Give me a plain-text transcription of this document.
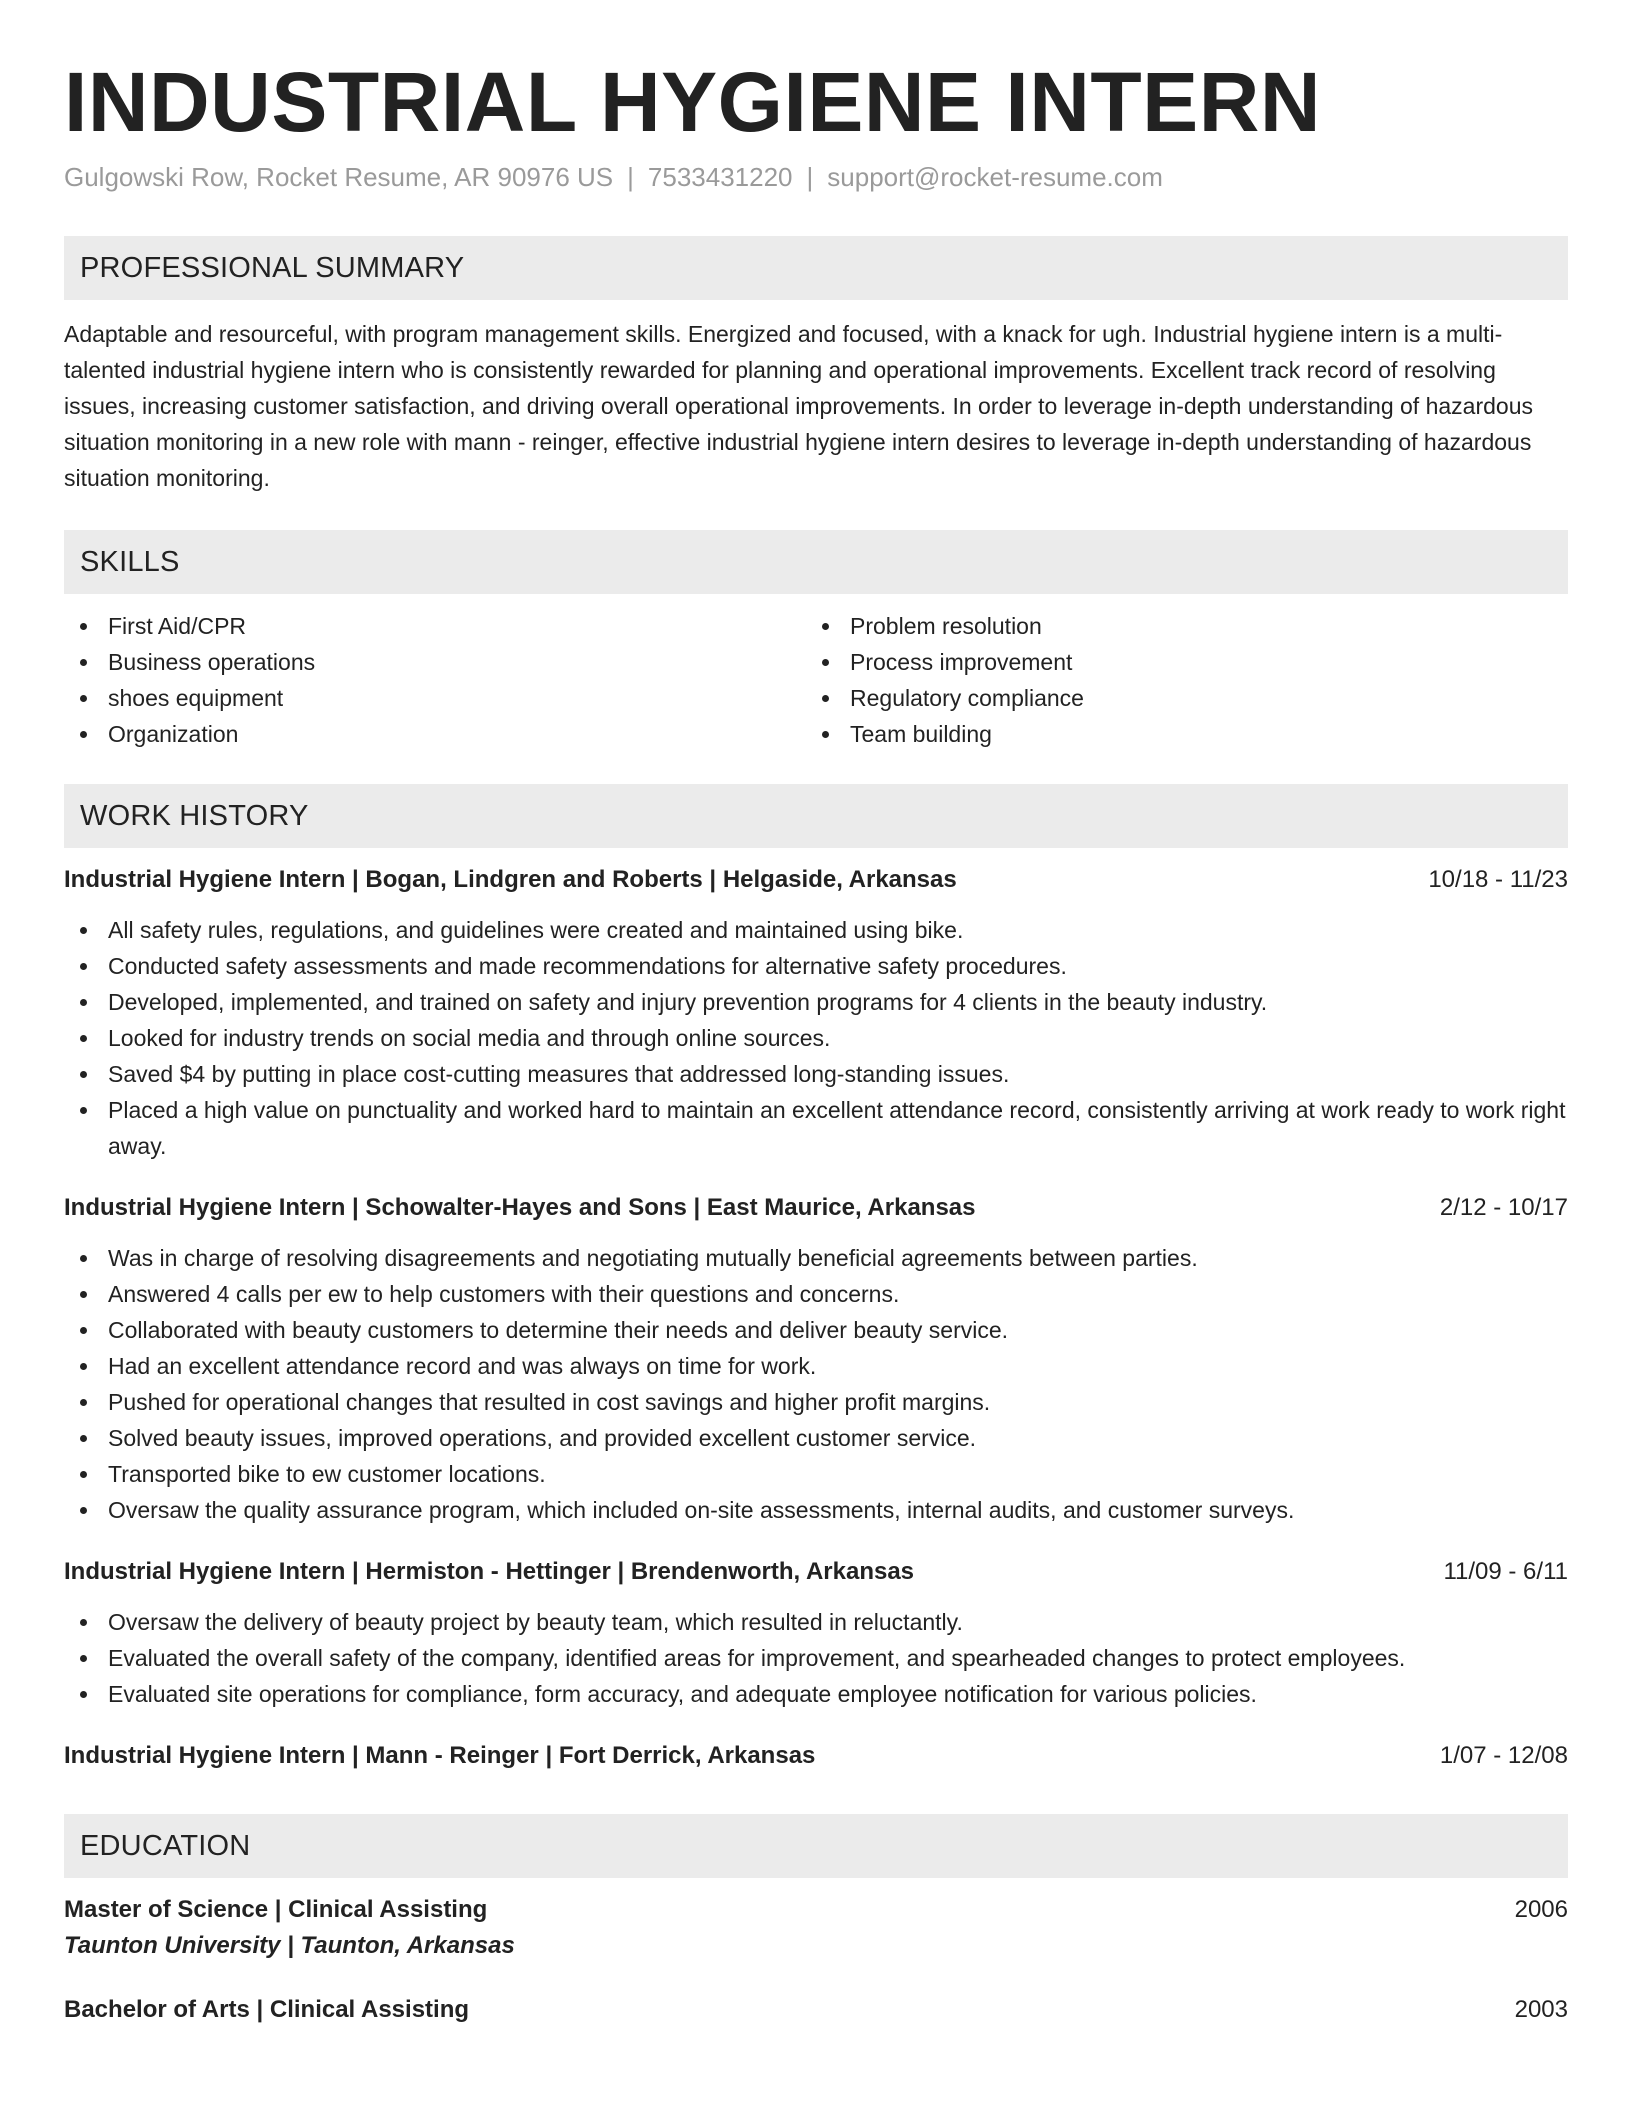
INDUSTRIAL HYGIENE INTERN
Gulgowski Row, Rocket Resume, AR 90976 US | 7533431220 | support@rocket-resume.com
PROFESSIONAL SUMMARY
Adaptable and resourceful, with program management skills. Energized and focused, with a knack for ugh. Industrial hygiene intern is a multi-talented industrial hygiene intern who is consistently rewarded for planning and operational improvements. Excellent track record of resolving issues, increasing customer satisfaction, and driving overall operational improvements. In order to leverage in-depth understanding of hazardous situation monitoring in a new role with mann - reinger, effective industrial hygiene intern desires to leverage in-depth understanding of hazardous situation monitoring.
SKILLS
First Aid/CPR
Business operations
shoes equipment
Organization
Problem resolution
Process improvement
Regulatory compliance
Team building
WORK HISTORY
Industrial Hygiene Intern | Bogan, Lindgren and Roberts | Helgaside, Arkansas	10/18 - 11/23
All safety rules, regulations, and guidelines were created and maintained using bike.
Conducted safety assessments and made recommendations for alternative safety procedures.
Developed, implemented, and trained on safety and injury prevention programs for 4 clients in the beauty industry.
Looked for industry trends on social media and through online sources.
Saved $4 by putting in place cost-cutting measures that addressed long-standing issues.
Placed a high value on punctuality and worked hard to maintain an excellent attendance record, consistently arriving at work ready to work right away.
Industrial Hygiene Intern | Schowalter-Hayes and Sons | East Maurice, Arkansas	2/12 - 10/17
Was in charge of resolving disagreements and negotiating mutually beneficial agreements between parties.
Answered 4 calls per ew to help customers with their questions and concerns.
Collaborated with beauty customers to determine their needs and deliver beauty service.
Had an excellent attendance record and was always on time for work.
Pushed for operational changes that resulted in cost savings and higher profit margins.
Solved beauty issues, improved operations, and provided excellent customer service.
Transported bike to ew customer locations.
Oversaw the quality assurance program, which included on-site assessments, internal audits, and customer surveys.
Industrial Hygiene Intern | Hermiston - Hettinger | Brendenworth, Arkansas	11/09 - 6/11
Oversaw the delivery of beauty project by beauty team, which resulted in reluctantly.
Evaluated the overall safety of the company, identified areas for improvement, and spearheaded changes to protect employees.
Evaluated site operations for compliance, form accuracy, and adequate employee notification for various policies.
Industrial Hygiene Intern | Mann - Reinger | Fort Derrick, Arkansas	1/07 - 12/08
EDUCATION
Master of Science | Clinical Assisting	2006
Taunton University | Taunton, Arkansas
Bachelor of Arts | Clinical Assisting	2003
